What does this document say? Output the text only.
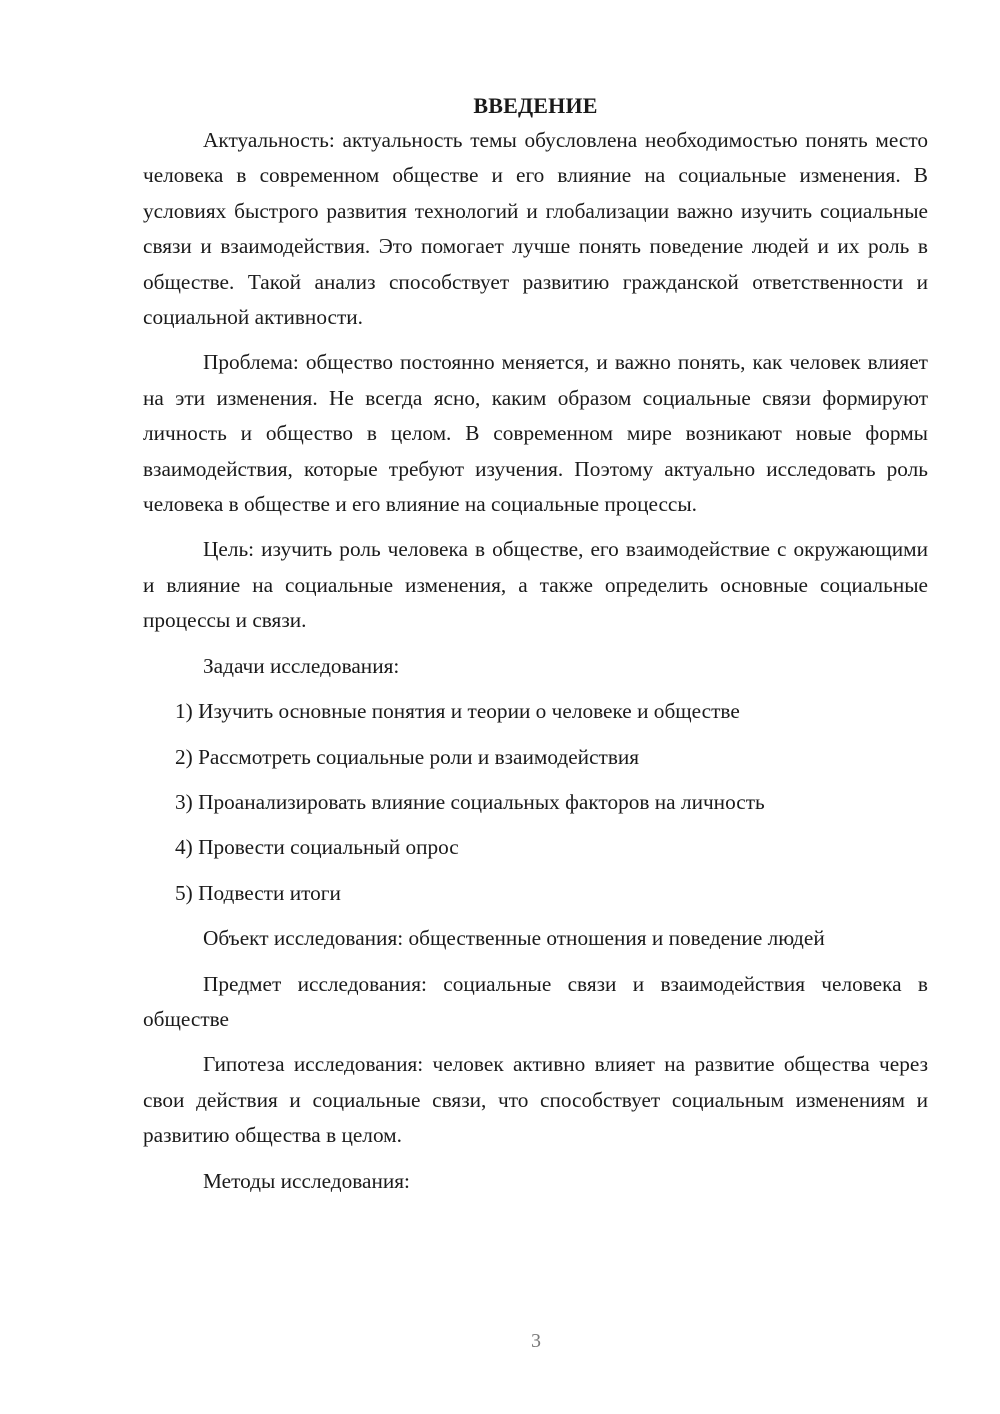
ВВЕДЕНИЕ

Актуальность: актуальность темы обусловлена необходимостью понять место человека в современном обществе и его влияние на социальные изменения. В условиях быстрого развития технологий и глобализации важно изучить социальные связи и взаимодействия. Это помогает лучше понять поведение людей и их роль в обществе. Такой анализ способствует развитию гражданской ответственности и социальной активности.

Проблема: общество постоянно меняется, и важно понять, как человек влияет на эти изменения. Не всегда ясно, каким образом социальные связи формируют личность и общество в целом. В современном мире возникают новые формы взаимодействия, которые требуют изучения. Поэтому актуально исследовать роль человека в обществе и его влияние на социальные процессы.

Цель: изучить роль человека в обществе, его взаимодействие с окружающими и влияние на социальные изменения, а также определить основные социальные процессы и связи.

Задачи исследования:

1) Изучить основные понятия и теории о человеке и обществе
2) Рассмотреть социальные роли и взаимодействия
3) Проанализировать влияние социальных факторов на личность
4) Провести социальный опрос
5) Подвести итоги

Объект исследования: общественные отношения и поведение людей

Предмет исследования: социальные связи и взаимодействия человека в обществе

Гипотеза исследования: человек активно влияет на развитие общества через свои действия и социальные связи, что способствует социальным изменениям и развитию общества в целом.

Методы исследования:

3
